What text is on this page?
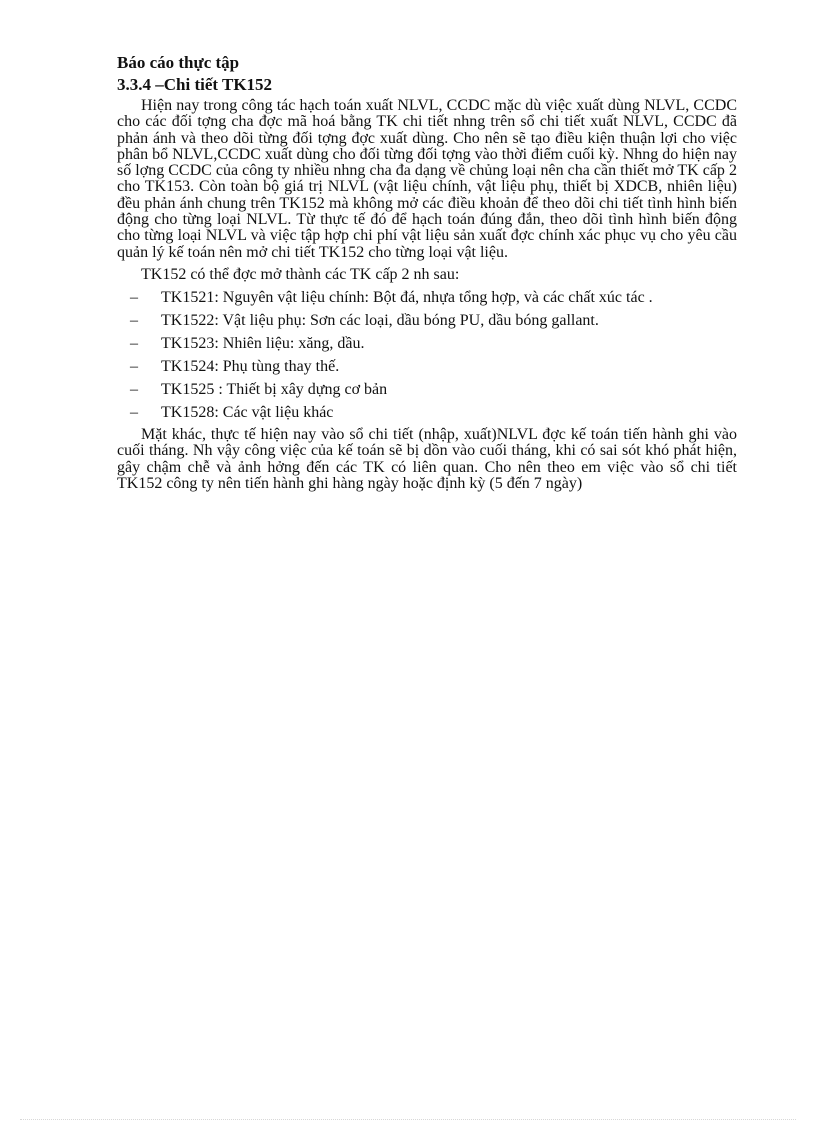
Báo cáo thực tập

3.3.4 –Chi tiết TK152

Hiện nay trong công tác hạch toán xuất NLVL, CCDC mặc dù việc xuất dùng NLVL, CCDC cho các đối tợng cha đợc mã hoá bằng TK chi tiết nhng trên sổ chi tiết xuất NLVL, CCDC đã phản ánh và theo dõi từng đối tợng đợc xuất dùng. Cho nên sẽ tạo điều kiện thuận lợi cho việc phân bổ NLVL,CCDC xuất dùng cho đối từng đối tợng vào thời điểm cuối kỳ. Nhng do hiện nay số lợng CCDC của công ty nhiều nhng cha đa dạng về chủng loại nên cha cần thiết mở TK cấp 2 cho TK153. Còn toàn bộ giá trị NLVL (vật liệu chính, vật liệu phụ, thiết bị XDCB, nhiên liệu) đều phản ánh chung trên TK152 mà không mở các điều khoản để theo dõi chi tiết tình hình biến động cho từng loại NLVL. Từ thực tế đó để hạch toán đúng đắn, theo dõi tình hình biến động cho từng loại NLVL và việc tập hợp chi phí vật liệu sản xuất đợc chính xác phục vụ cho yêu cầu quản lý kế toán nên mở chi tiết TK152 cho từng loại vật liệu.

TK152 có thể đợc mở thành các TK cấp 2 nh sau:

– TK1521: Nguyên vật liệu chính: Bột đá, nhựa tổng hợp, và các chất xúc tác .
– TK1522: Vật liệu phụ: Sơn các loại, dầu bóng PU, dầu bóng gallant.
– TK1523: Nhiên liệu: xăng, dầu.
– TK1524: Phụ tùng thay thế.
– TK1525 : Thiết bị xây dựng cơ bản
– TK1528: Các vật liệu khác

Mặt khác, thực tế hiện nay vào sổ chi tiết (nhập, xuất)NLVL đợc kế toán tiến hành ghi vào cuối tháng. Nh vậy công việc của kế toán sẽ bị dồn vào cuối tháng, khi có sai sót khó phát hiện, gây chậm chễ và ảnh hởng đến các TK có liên quan. Cho nên theo em việc vào sổ chi tiết TK152 công ty nên tiến hành ghi hàng ngày hoặc định kỳ (5 đến 7 ngày)
